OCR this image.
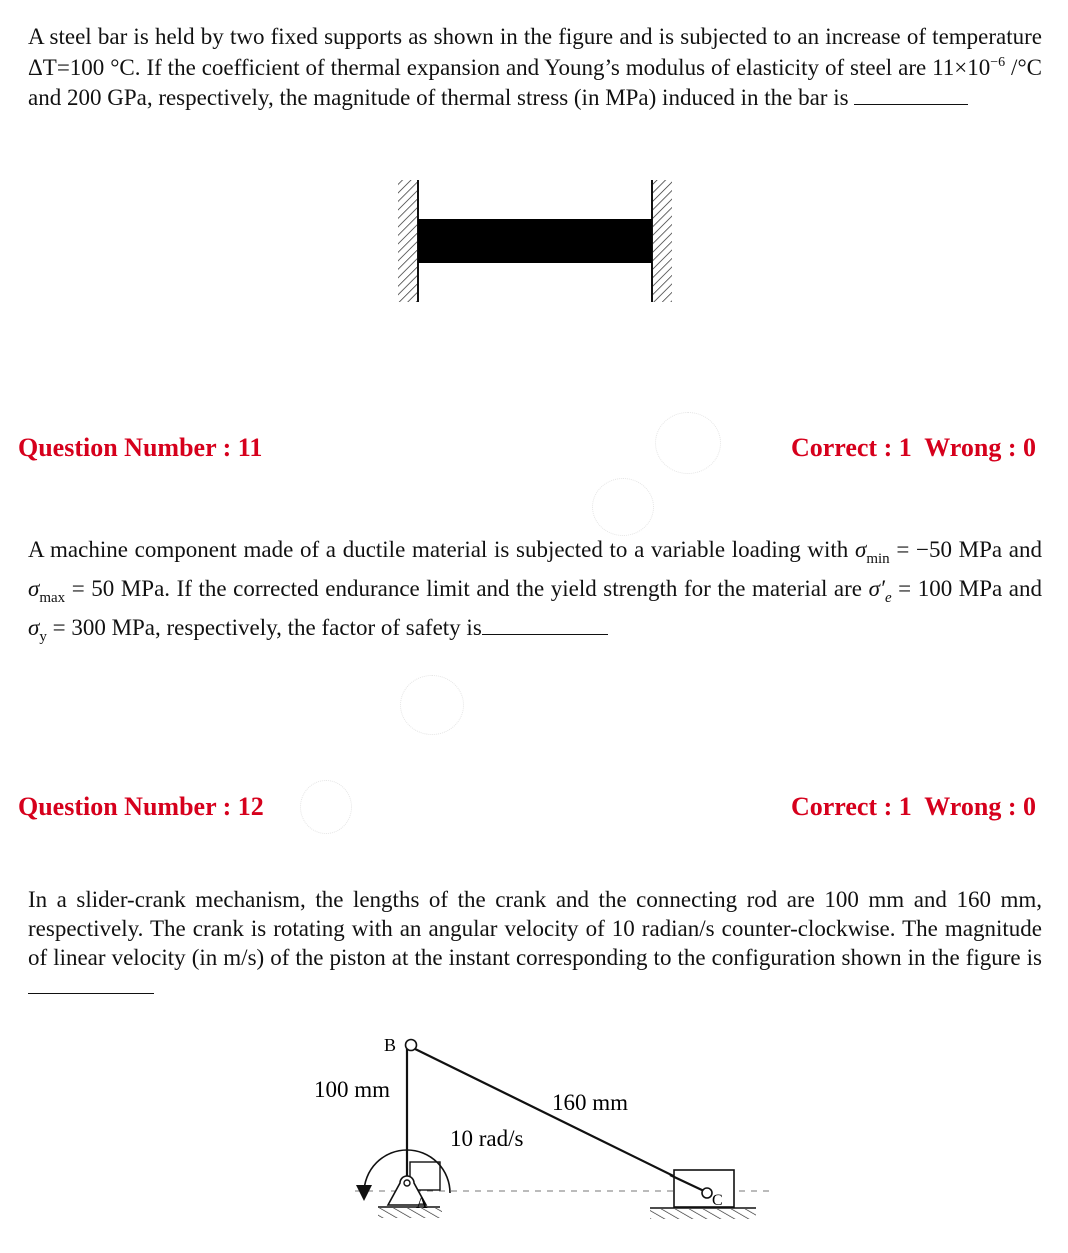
A steel bar is held by two fixed supports as shown in the figure and is subjected to an increase of temperature ΔT=100 °C. If the coefficient of thermal expansion and Young’s modulus of elasticity of steel are $11\times 10^{-6}$ /°C and 200 GPa, respectively, the magnitude of thermal stress (in MPa) induced in the bar is

Question Number : 11	Correct : 1  Wrong : 0

A machine component made of a ductile material is subjected to a variable loading with $\sigma_{min} = -50$ MPa and $\sigma_{max} = 50$ MPa. If the corrected endurance limit and the yield strength for the material are $\sigma'_e = 100$ MPa and $\sigma_y = 300$ MPa, respectively, the factor of safety is

Question Number : 12	Correct : 1  Wrong : 0

In a slider-crank mechanism, the lengths of the crank and the connecting rod are 100 mm and 160 mm, respectively. The crank is rotating with an angular velocity of 10 radian/s counter-clockwise. The magnitude of linear velocity (in m/s) of the piston at the instant corresponding to the configuration shown in the figure is

B
A	C
100 mm
160 mm
10 rad/s
